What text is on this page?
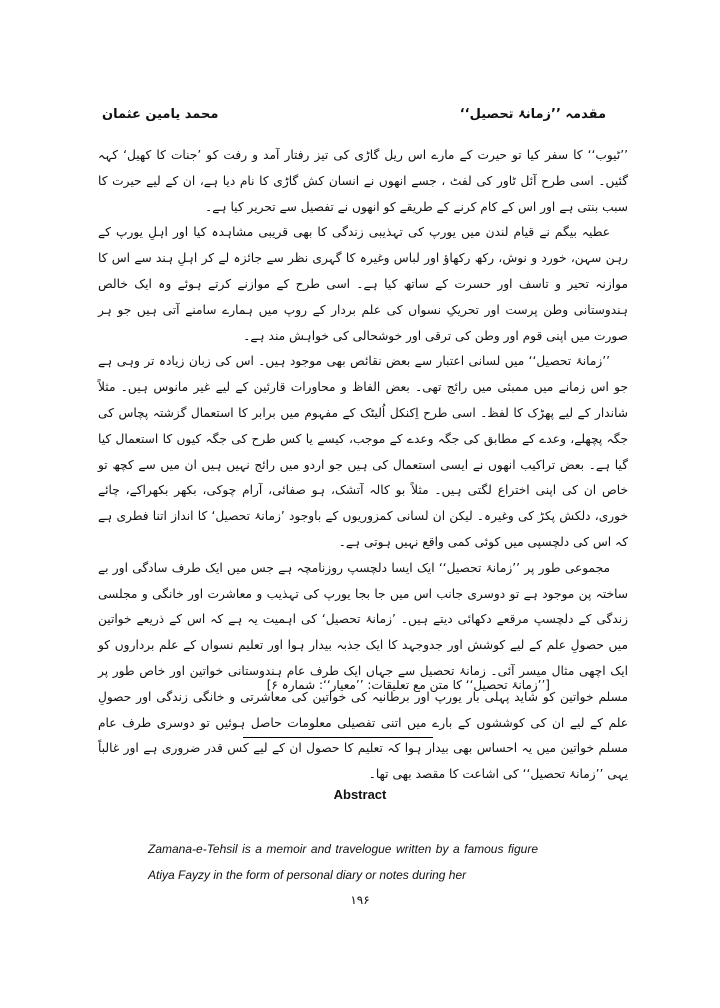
محمد یامین عثمان	مقدمہ ’’زمانۂ تحصیل‘‘

’’ٹیوب‘‘ کا سفر کیا تو حیرت کے مارے اس ریل گاڑی کی تیز رفتار آمد و رفت کو ’جنات کا کھیل‘ کہہ گئیں۔ اسی طرح آئل ٹاور کی لفٹ ، جسے انھوں نے انسان کش گاڑی کا نام دیا ہے، ان کے لیے حیرت کا سبب بنتی ہے اور اس کے کام کرنے کے طریقے کو انھوں نے تفصیل سے تحریر کیا ہے۔

عطیہ بیگم نے قیام لندن میں یورپ کی تہذیبی زندگی کا بھی قریبی مشاہدہ کیا اور اہلِ یورپ کے رہن سہن، خورد و نوش، رکھ رکھاؤ اور لباس وغیرہ کا گہری نظر سے جائزہ لے کر اہلِ ہند سے اس کا موازنہ تحیر و تاسف اور حسرت کے ساتھ کیا ہے۔ اسی طرح کے موازنے کرتے ہوئے وہ ایک خالص ہندوستانی وطن پرست اور تحریکِ نسواں کی علم بردار کے روپ میں ہمارے سامنے آتی ہیں جو ہر صورت میں اپنی قوم اور وطن کی ترقی اور خوشحالی کی خواہش مند ہے۔

’’زمانۂ تحصیل‘‘ میں لسانی اعتبار سے بعض نقائص بھی موجود ہیں۔ اس کی زبان زیادہ تر وہی ہے جو اس زمانے میں ممبئی میں رائج تھی۔ بعض الفاظ و محاورات قارئین کے لیے غیر مانوس ہیں۔ مثلاً شاندار کے لیے پھڑک کا لفظ۔ اسی طرح اِکنکل اُلیٹک کے مفہوم میں برابر کا استعمال گزشتہ پچاس کی جگہ پچھلے، وعدے کے مطابق کی جگہ وعدے کے موجب، کیسے یا کس طرح کی جگہ کیوں کا استعمال کیا گیا ہے۔ بعض تراکیب انھوں نے ایسی استعمال کی ہیں جو اردو میں رائج نہیں ہیں ان میں سے کچھ تو خاص ان کی اپنی اختراع لگتی ہیں۔ مثلاً بو کالہ آتشک، ہو صفائی، آرام چوکی، بکھر بکھراکے، چائے خوری، دلکش پکڑ کی وغیرہ۔ لیکن ان لسانی کمزوریوں کے باوجود ’زمانۂ تحصیل‘ کا انداز اتنا فطری ہے کہ اس کی دلچسپی میں کوئی کمی واقع نہیں ہوتی ہے۔

مجموعی طور پر ’’زمانۂ تحصیل‘‘ ایک ایسا دلچسپ روزنامچہ ہے جس میں ایک طرف سادگی اور بے ساختہ پن موجود ہے تو دوسری جانب اس میں جا بجا یورپ کی تہذیب و معاشرت اور خانگی و مجلسی زندگی کے دلچسپ مرقعے دکھائی دیتے ہیں۔ ’زمانۂ تحصیل‘ کی اہمیت یہ ہے کہ اس کے ذریعے خواتین میں حصولِ علم کے لیے کوشش اور جدوجہد کا ایک جذبہ بیدار ہوا اور تعلیم نسواں کے علم برداروں کو ایک اچھی مثال میسر آئی۔ زمانۂ تحصیل سے جہاں ایک طرف عام ہندوستانی خواتین اور خاص طور پر مسلم خواتین کو شاید پہلی بار یورپ اور برطانیہ کی خواتین کی معاشرتی و خانگی زندگی اور حصولِ علم کے لیے ان کی کوششوں کے بارے میں اتنی تفصیلی معلومات حاصل ہوئیں تو دوسری طرف عام مسلم خواتین میں یہ احساس بھی بیدار ہوا کہ تعلیم کا حصول ان کے لیے کس قدر ضروری ہے اور غالباً یہی ’’زمانۂ تحصیل‘‘ کی اشاعت کا مقصد بھی تھا۔

[’’زمانۂ تحصیل‘‘ کا متن مع تعلیقات: ’’معیار‘‘: شمارہ ۶]
Abstract
Zamana-e-Tehsil is a memoir and travelogue written by a famous figure Atiya Fayzy in the form of personal diary or notes during her
۱۹۶
